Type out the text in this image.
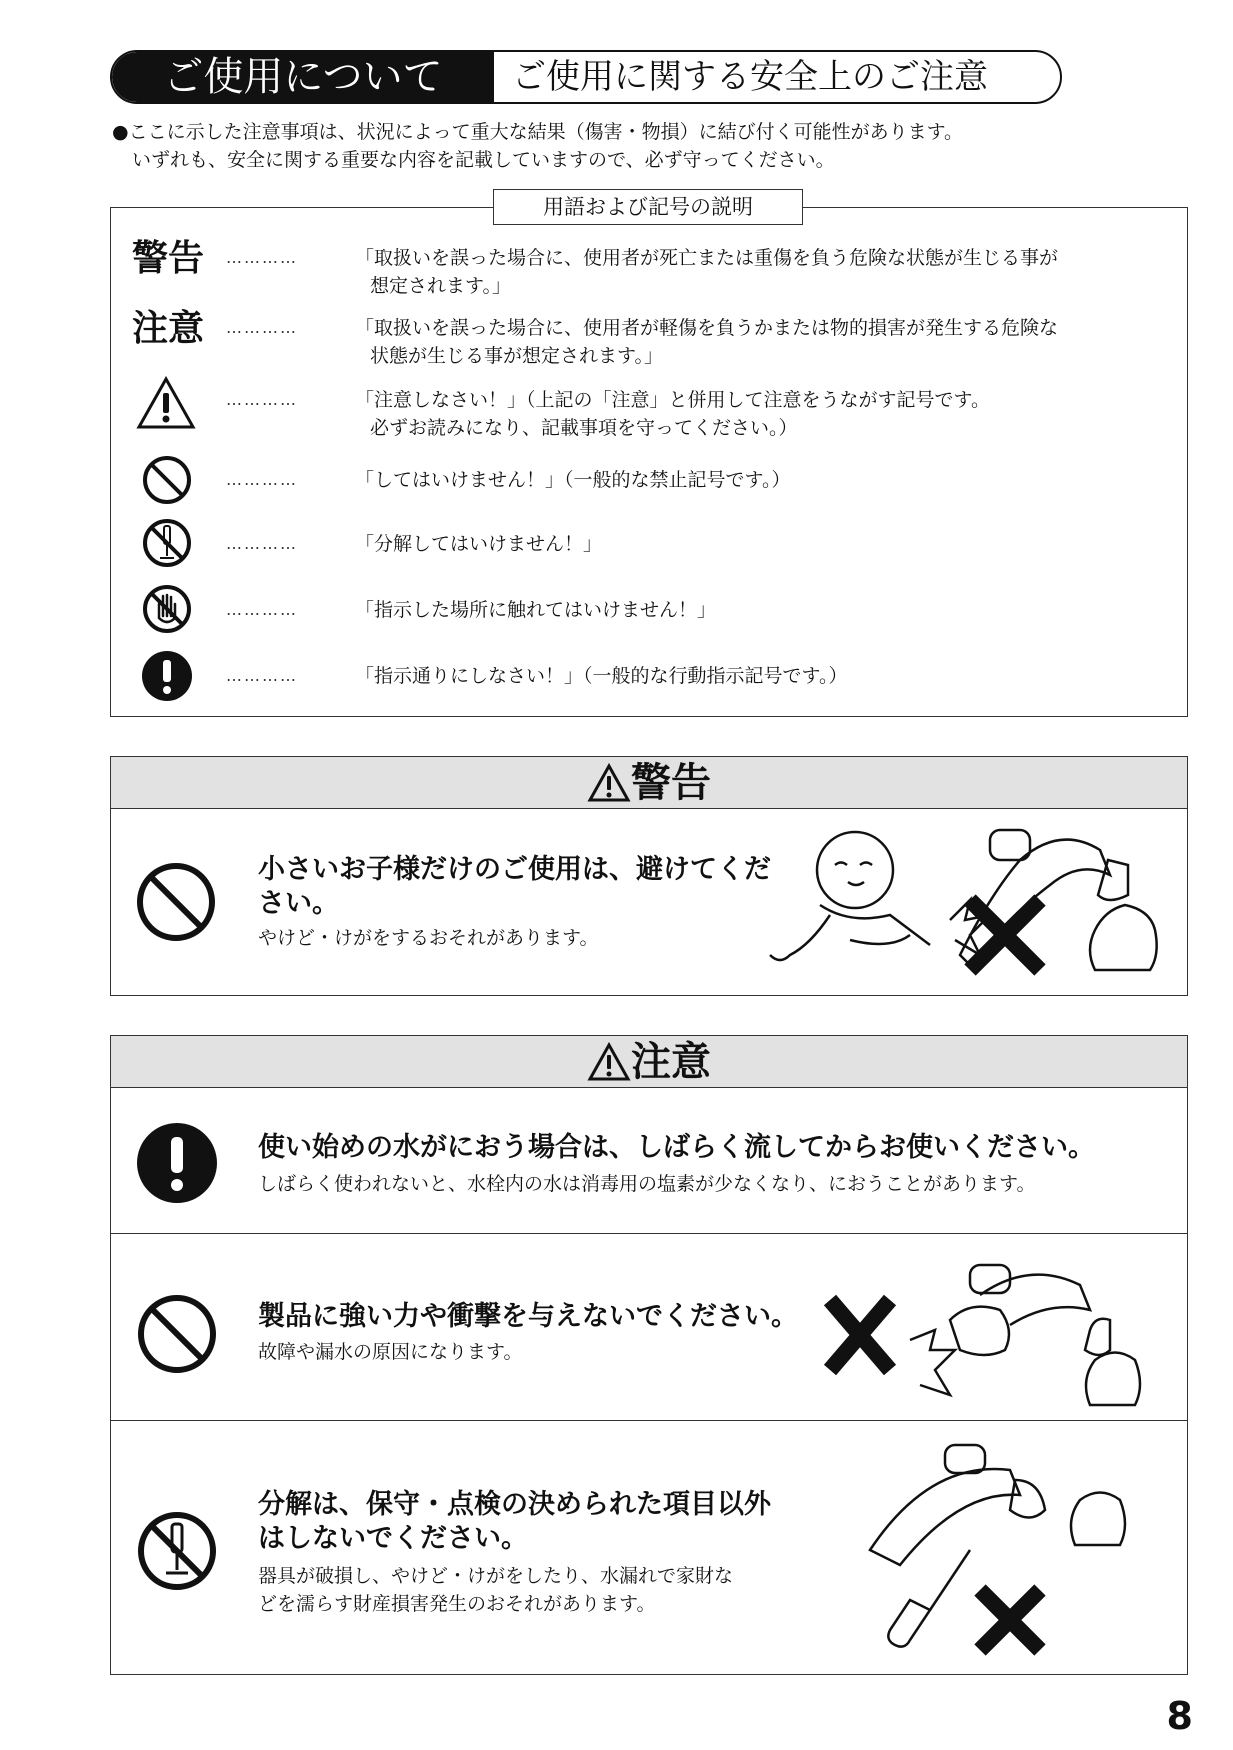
ご使用について	ご使用に関する安全上のご注意
●ここに示した注意事項は、状況によって重大な結果（傷害・物損）に結び付く可能性があります。
いずれも、安全に関する重要な内容を記載していますので、必ず守ってください。
用語および記号の説明
警告 …………	「取扱いを誤った場合に、使用者が死亡または重傷を負う危険な状態が生じる事が
想定されます。」
注意 …………	「取扱いを誤った場合に、使用者が軽傷を負うかまたは物的損害が発生する危険な
状態が生じる事が想定されます。」
…………	「注意しなさい！」（上記の「注意」と併用して注意をうながす記号です。
必ずお読みになり、記載事項を守ってください。）
…………	「してはいけません！」（一般的な禁止記号です。）
…………	「分解してはいけません！」
…………	「指示した場所に触れてはいけません！」
…………	「指示通りにしなさい！」（一般的な行動指示記号です。）
警告
小さいお子様だけのご使用は、避けてくだ
さい。
やけど・けがをするおそれがあります。
注意
使い始めの水がにおう場合は、しばらく流してからお使いください。
しばらく使われないと、水栓内の水は消毒用の塩素が少なくなり、におうことがあります。
製品に強い力や衝撃を与えないでください。
故障や漏水の原因になります。
分解は、保守・点検の決められた項目以外
はしないでください。
器具が破損し、やけど・けがをしたり、水漏れで家財な
どを濡らす財産損害発生のおそれがあります。
8
